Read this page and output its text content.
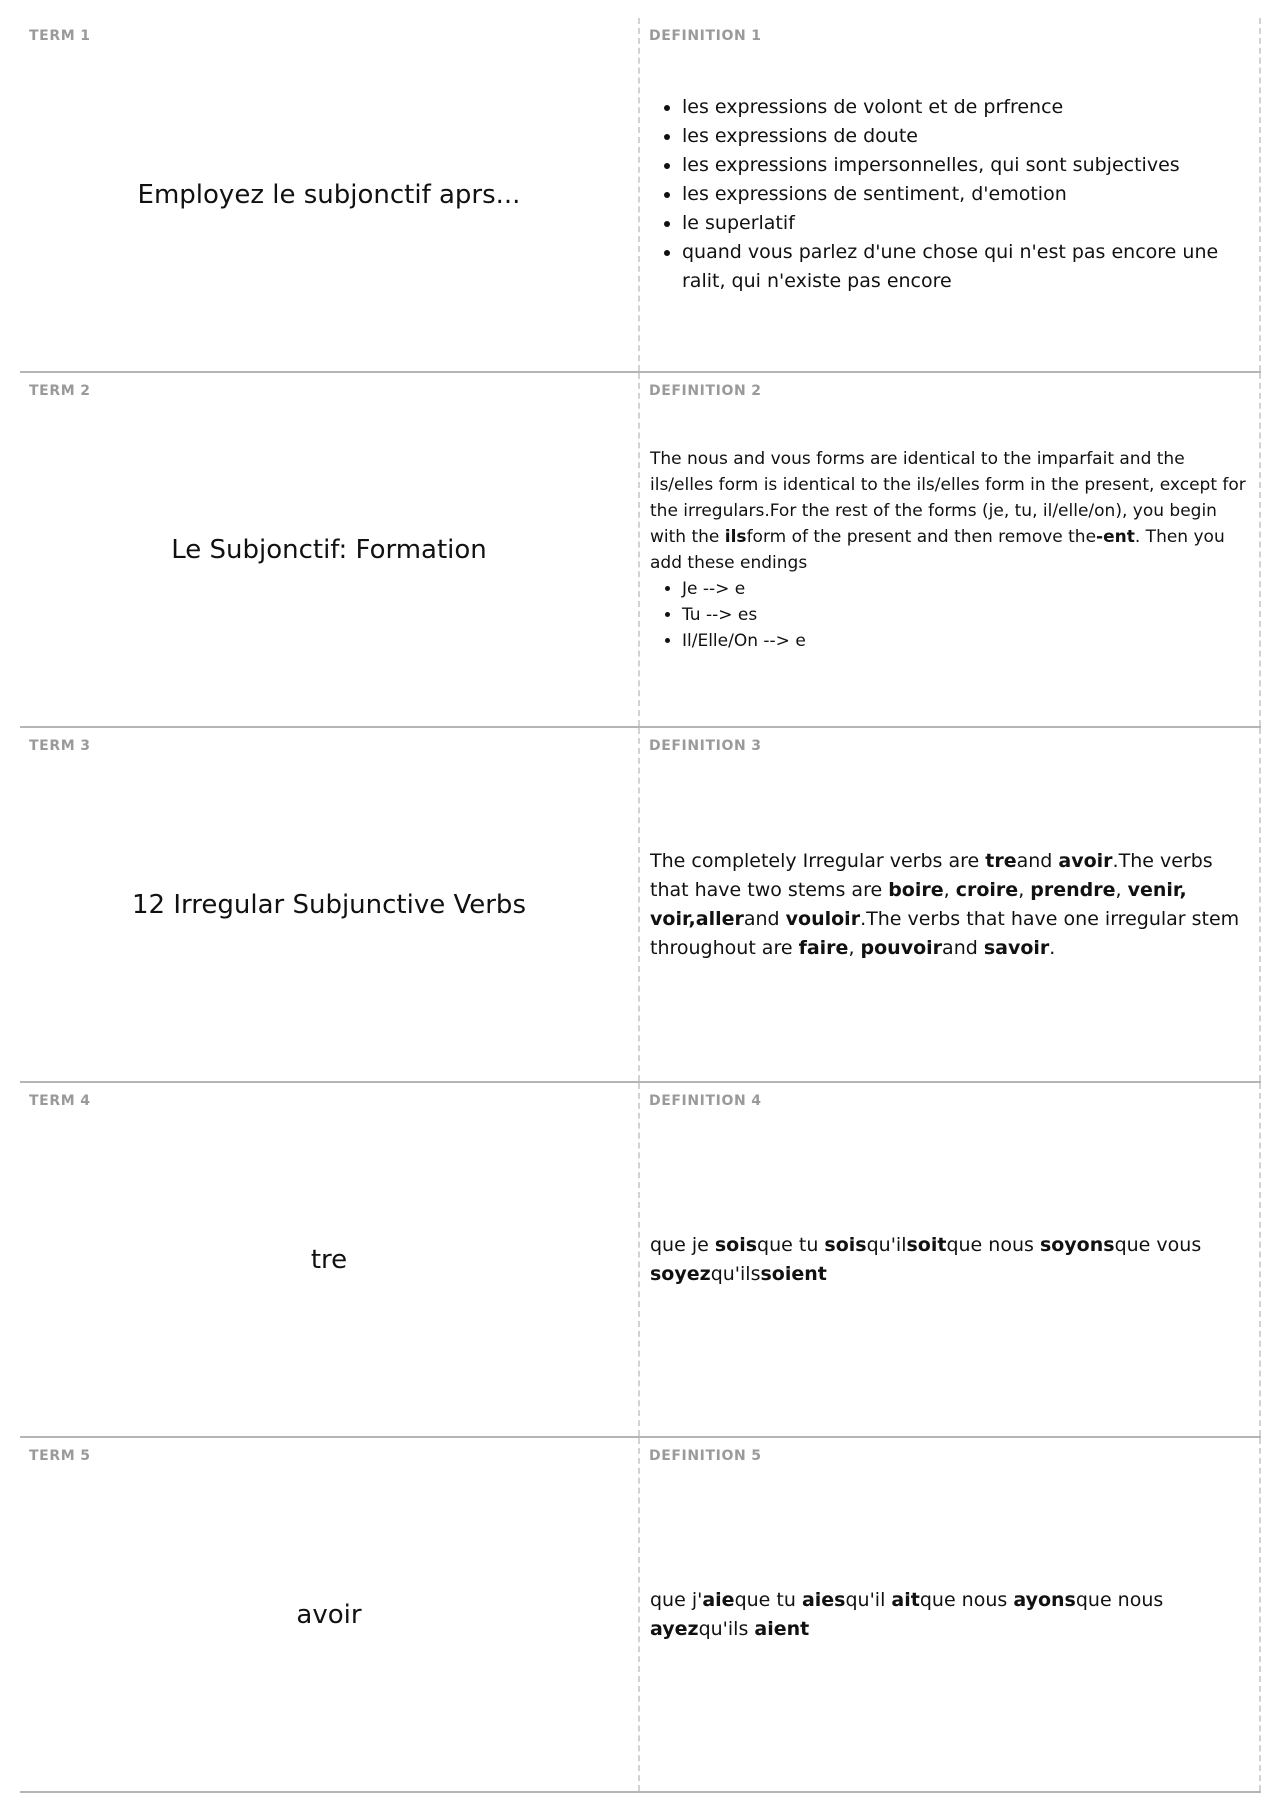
TERM 1
Employez le subjonctif aprs...
DEFINITION 1
• les expressions de volont et de prfrence
• les expressions de doute
• les expressions impersonnelles, qui sont subjectives
• les expressions de sentiment, d'emotion
• le superlatif
• quand vous parlez d'une chose qui n'est pas encore une ralit, qui n'existe pas encore
TERM 2
Le Subjonctif: Formation
DEFINITION 2
The nous and vous forms are identical to the imparfait and the ils/elles form is identical to the ils/elles form in the present, except for the irregulars.For the rest of the forms (je, tu, il/elle/on), you begin with the ilsform of the present and then remove the-ent. Then you add these endings
• Je --> e
• Tu --> es
• Il/Elle/On --> e
TERM 3
12 Irregular Subjunctive Verbs
DEFINITION 3
The completely Irregular verbs are treand avoir.The verbs that have two stems are boire, croire, prendre, venir, voir,allerand vouloir.The verbs that have one irregular stem throughout are faire, pouvoirand savoir.
TERM 4
tre
DEFINITION 4
que je soisque tu soisqu'ilsoitque nous soyonsque vous soyezqu'ilssoient
TERM 5
avoir
DEFINITION 5
que j'aieque tu aiesqu'il aitque nous ayonsque nous ayezqu'ils aient
